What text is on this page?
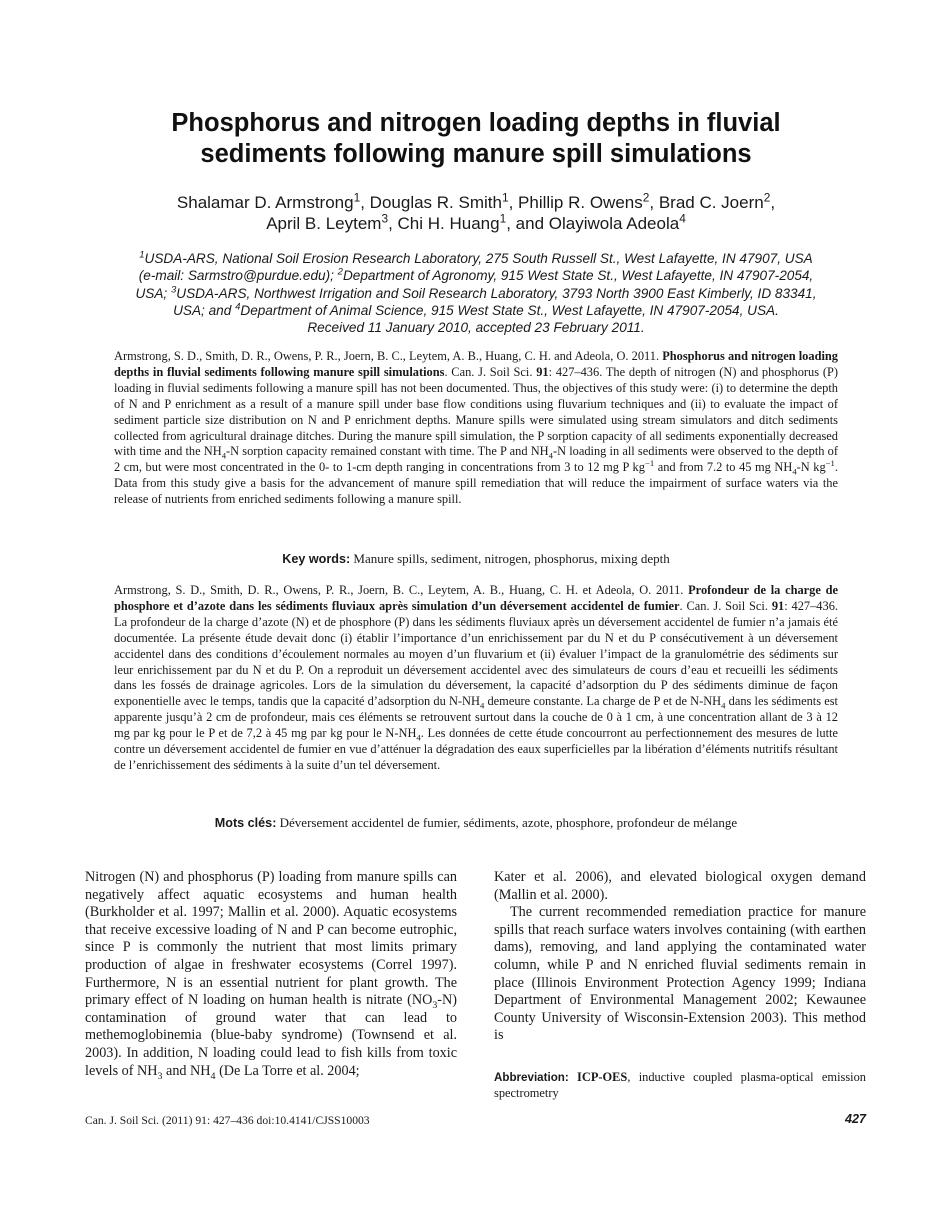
Phosphorus and nitrogen loading depths in fluvial
sediments following manure spill simulations
Shalamar D. Armstrong$^1$, Douglas R. Smith$^1$, Phillip R. Owens$^2$, Brad C. Joern$^2$,
April B. Leytem$^3$, Chi H. Huang$^1$, and Olayiwola Adeola$^4$
$^1$USDA-ARS, National Soil Erosion Research Laboratory, 275 South Russell St., West Lafayette, IN 47907, USA
(e-mail: Sarmstro@purdue.edu); $^2$Department of Agronomy, 915 West State St., West Lafayette, IN 47907-2054,
USA; $^3$USDA-ARS, Northwest Irrigation and Soil Research Laboratory, 3793 North 3900 East Kimberly, ID 83341,
USA; and $^4$Department of Animal Science, 915 West State St., West Lafayette, IN 47907-2054, USA.
Received 11 January 2010, accepted 23 February 2011.
Armstrong, S. D., Smith, D. R., Owens, P. R., Joern, B. C., Leytem, A. B., Huang, C. H. and Adeola, O. 2011. Phosphorus and nitrogen loading depths in fluvial sediments following manure spill simulations. Can. J. Soil Sci. 91: 427–436. The depth of nitrogen (N) and phosphorus (P) loading in fluvial sediments following a manure spill has not been documented. Thus, the objectives of this study were: (i) to determine the depth of N and P enrichment as a result of a manure spill under base flow conditions using fluvarium techniques and (ii) to evaluate the impact of sediment particle size distribution on N and P enrichment depths. Manure spills were simulated using stream simulators and ditch sediments collected from agricultural drainage ditches. During the manure spill simulation, the P sorption capacity of all sediments exponentially decreased with time and the $NH_4-N$ sorption capacity remained constant with time. The P and $NH_4-N$ loading in all sediments were observed to the depth of 2 cm, but were most concentrated in the 0- to 1-cm depth ranging in concentrations from 3 to 12 mg P $kg^{-1}$ and from 7.2 to 45 mg $NH_4-N$ $kg^{-1}$. Data from this study give a basis for the advancement of manure spill remediation that will reduce the impairment of surface waters via the release of nutrients from enriched sediments following a manure spill.
Key words: Manure spills, sediment, nitrogen, phosphorus, mixing depth
Armstrong, S. D., Smith, D. R., Owens, P. R., Joern, B. C., Leytem, A. B., Huang, C. H. et Adeola, O. 2011. Profondeur de la charge de phosphore et d’azote dans les sédiments fluviaux après simulation d’un déversement accidentel de fumier. Can. J. Soil Sci. 91: 427–436. La profondeur de la charge d’azote (N) et de phosphore (P) dans les sédiments fluviaux après un déversement accidentel de fumier n’a jamais été documentée. La présente étude devait donc (i) établir l’importance d’un enrichissement par du N et du P consécutivement à un déversement accidentel dans des conditions d’écoulement normales au moyen d’un fluvarium et (ii) évaluer l’impact de la granulométrie des sédiments sur leur enrichissement par du N et du P. On a reproduit un déversement accidentel avec des simulateurs de cours d’eau et recueilli les sédiments dans les fossés de drainage agricoles. Lors de la simulation du déversement, la capacité d’adsorption du P des sédiments diminue de façon exponentielle avec le temps, tandis que la capacité d’adsorption du $N-NH_4$ demeure constante. La charge de P et de $N-NH_4$ dans les sédiments est apparente jusqu’à 2 cm de profondeur, mais ces éléments se retrouvent surtout dans la couche de 0 à 1 cm, à une concentration allant de 3 à 12 mg par kg pour le P et de 7,2 à 45 mg par kg pour le $N-NH_4$. Les données de cette étude concourront au perfectionnement des mesures de lutte contre un déversement accidentel de fumier en vue d’atténuer la dégradation des eaux superficielles par la libération d’éléments nutritifs résultant de l’enrichissement des sédiments à la suite d’un tel déversement.
Mots clés: Déversement accidentel de fumier, sédiments, azote, phosphore, profondeur de mélange

Nitrogen (N) and phosphorus (P) loading from manure spills can negatively affect aquatic ecosystems and human health (Burkholder et al. 1997; Mallin et al. 2000). Aquatic ecosystems that receive excessive loading of N and P can become eutrophic, since P is commonly the nutrient that most limits primary production of algae in freshwater ecosystems (Correl 1997). Furthermore, N is an essential nutrient for plant growth. The primary effect of N loading on human health is nitrate $(NO_3-N)$ contamination of ground water that can lead to methemoglobinemia (blue-baby syndrome) (Townsend et al. 2003). In addition, N loading could lead to fish kills from toxic levels of $NH_3$ and $NH_4$ (De La Torre et al. 2004;

Kater et al. 2006), and elevated biological oxygen demand (Mallin et al. 2000).

The current recommended remediation practice for manure spills that reach surface waters involves containing (with earthen dams), removing, and land applying the contaminated water column, while P and N enriched fluvial sediments remain in place (Illinois Environment Protection Agency 1999; Indiana Department of Environmental Management 2002; Kewaunee County University of Wisconsin-Extension 2003). This method is

Abbreviation: ICP-OES, inductive coupled plasma-optical emission spectrometry
Can. J. Soil Sci. (2011) 91: 427–436 doi:10.4141/CJSS10003	427
